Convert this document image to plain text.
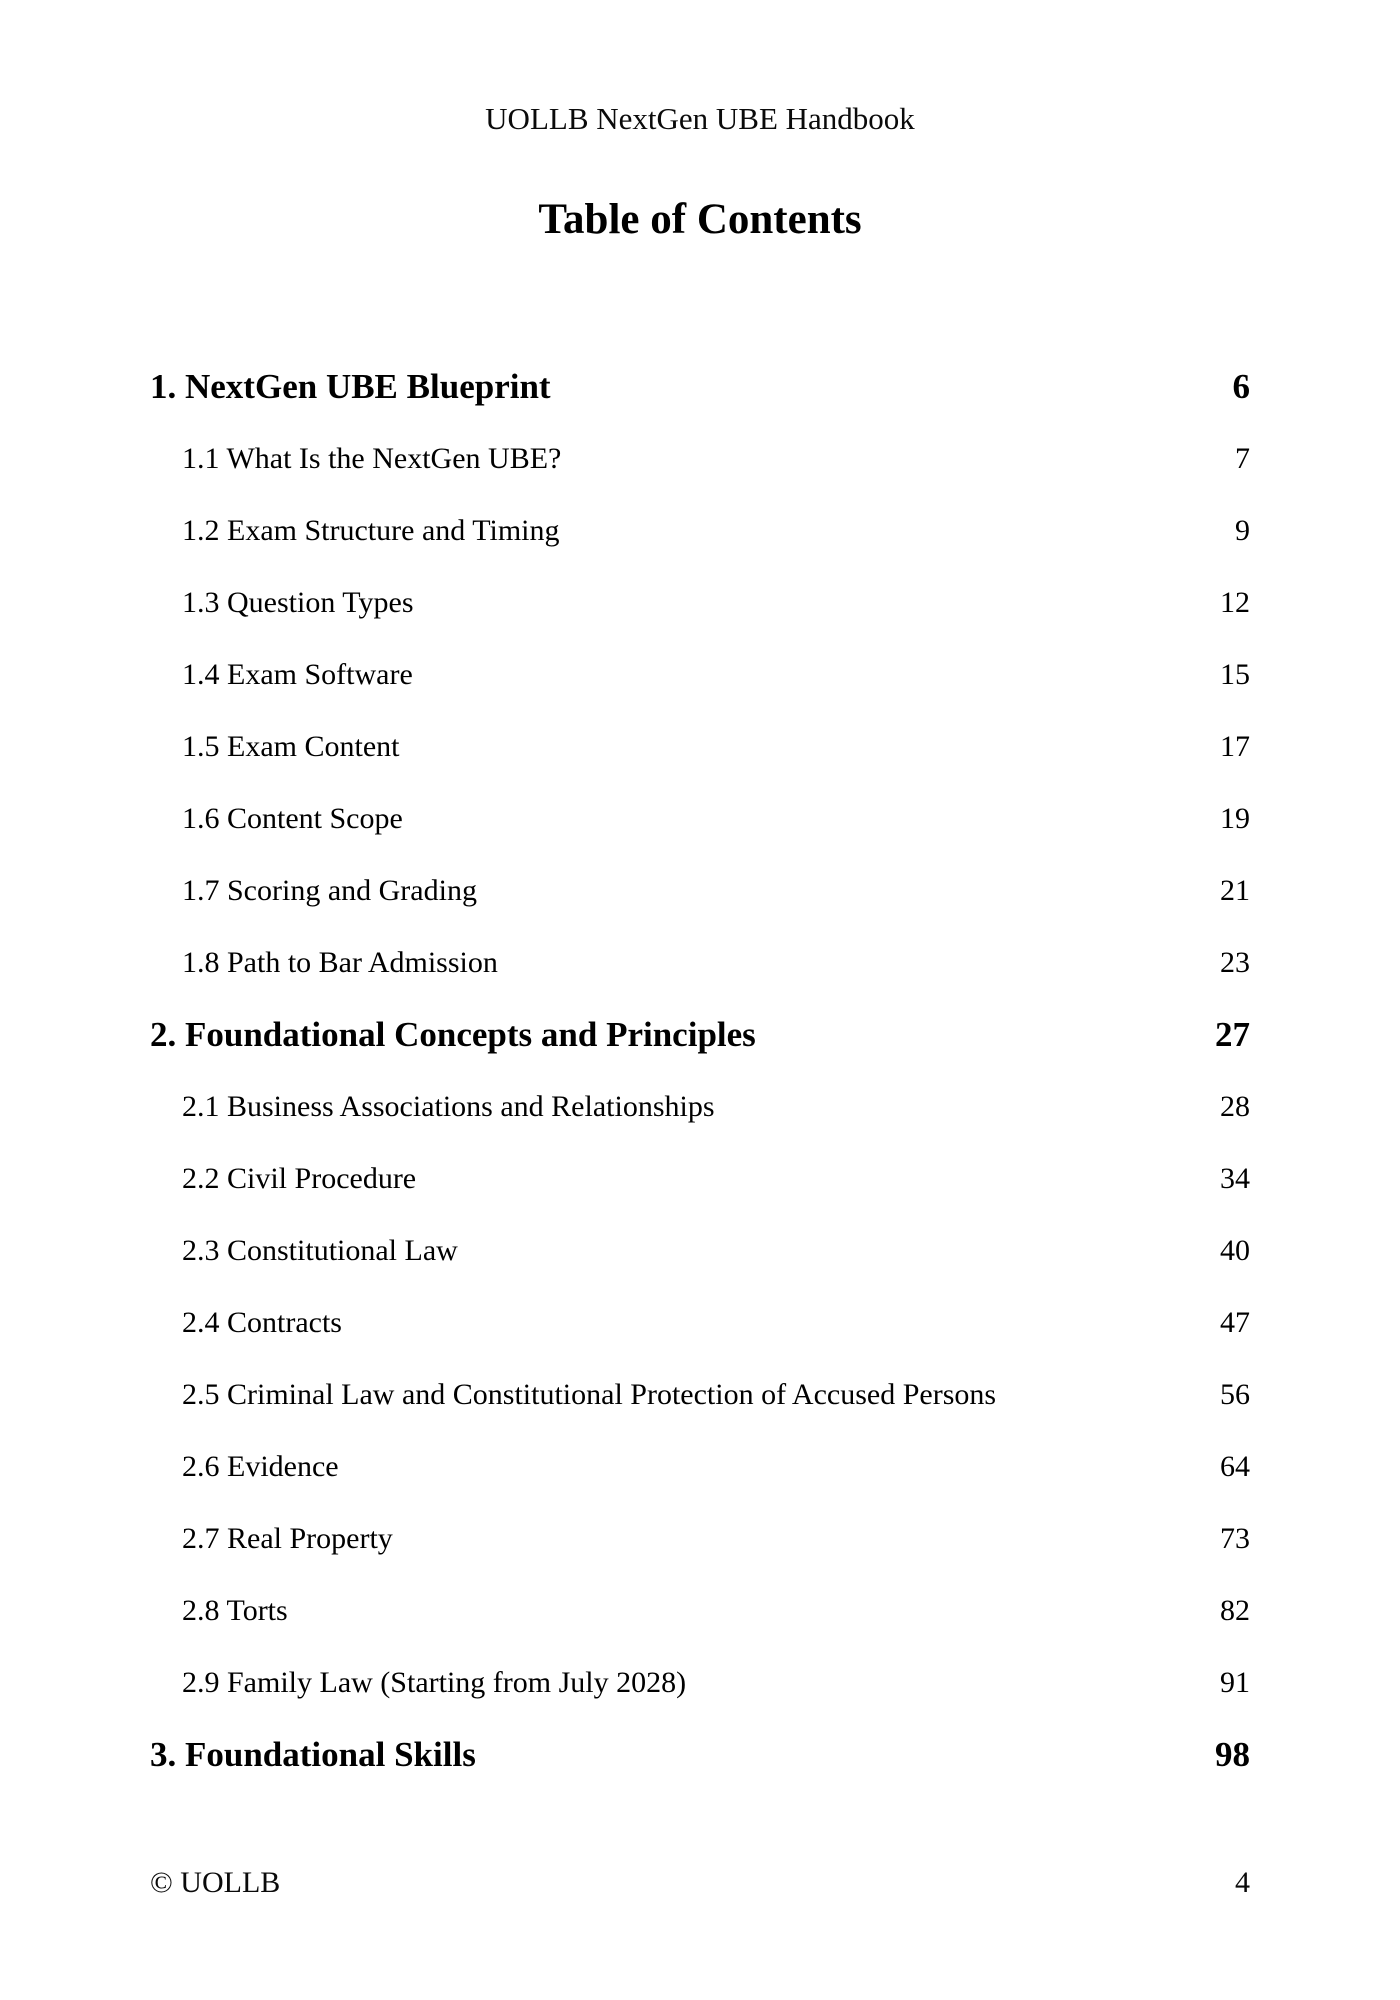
UOLLB NextGen UBE Handbook
Table of Contents
1. NextGen UBE Blueprint	6
1.1 What Is the NextGen UBE?	7
1.2 Exam Structure and Timing	9
1.3 Question Types	12
1.4 Exam Software	15
1.5 Exam Content	17
1.6 Content Scope	19
1.7 Scoring and Grading	21
1.8 Path to Bar Admission	23
2. Foundational Concepts and Principles	27
2.1 Business Associations and Relationships	28
2.2 Civil Procedure	34
2.3 Constitutional Law	40
2.4 Contracts	47
2.5 Criminal Law and Constitutional Protection of Accused Persons	56
2.6 Evidence	64
2.7 Real Property	73
2.8 Torts	82
2.9 Family Law (Starting from July 2028)	91
3. Foundational Skills	98
© UOLLB	4
